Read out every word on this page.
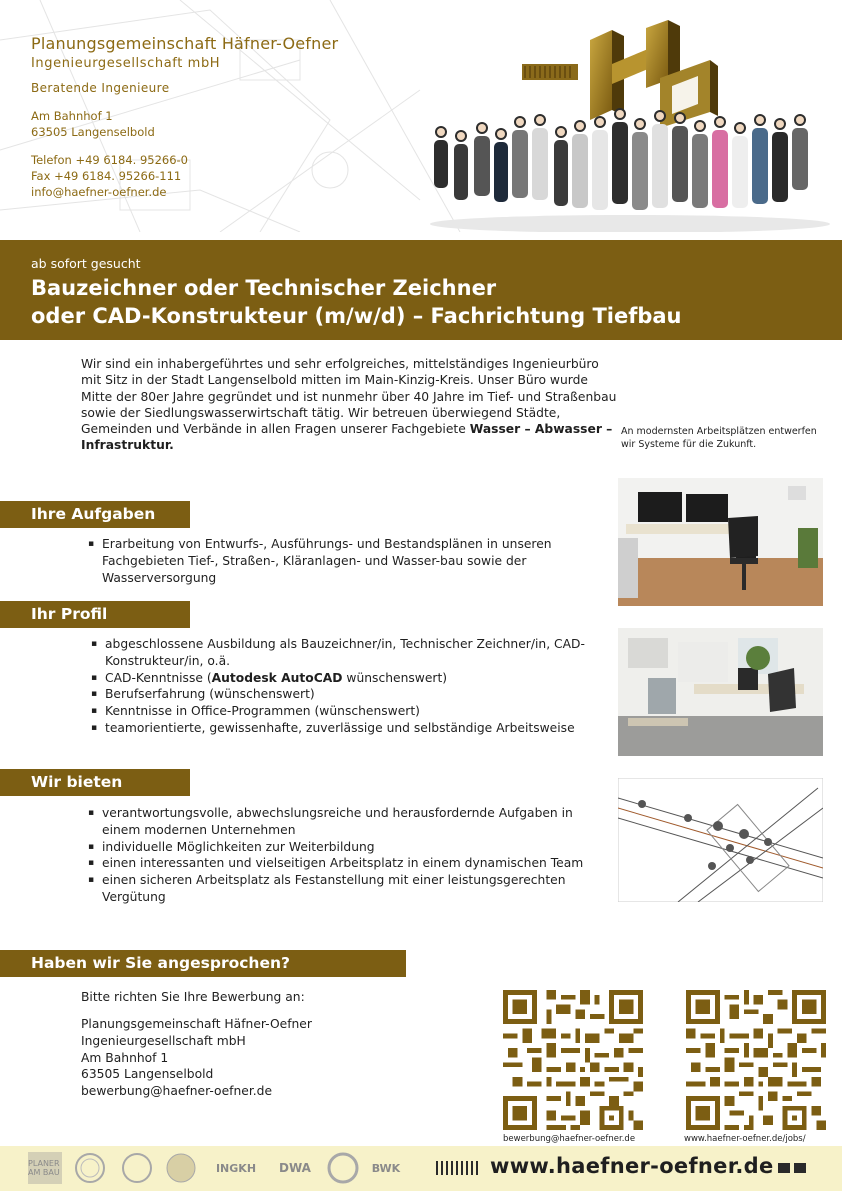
Planungsgemeinschaft Häfner-Oefner
Ingenieurgesellschaft mbH
Beratende Ingenieure
Am Bahnhof 1
63505 Langenselbold
Telefon +49 6184. 95266-0
Fax +49 6184. 95266-111
info@haefner-oefner.de
ab sofort gesucht
Bauzeichner oder Technischer Zeichner
oder CAD-Konstrukteur (m/w/d) – Fachrichtung Tiefbau
Wir sind ein inhabergeführtes und sehr erfolgreiches, mittelständiges Ingenieurbüro mit Sitz in der Stadt Langenselbold mitten im Main-Kinzig-Kreis. Unser Büro wurde Mitte der 80er Jahre gegründet und ist nunmehr über 40 Jahre im Tief- und Straßenbau sowie der Siedlungswasserwirtschaft tätig. Wir betreuen überwiegend Städte, Gemeinden und Verbände in allen Fragen unserer Fachgebiete Wasser – Abwasser – Infrastruktur.
An modernsten Arbeitsplätzen entwerfen wir Systeme für die Zukunft.
Ihre Aufgaben
▪ Erarbeitung von Entwurfs-, Ausführungs- und Bestandsplänen in unseren Fachgebieten Tief-, Straßen-, Kläranlagen- und Wasser-bau sowie der Wasserversorgung
Ihr Profil
▪ abgeschlossene Ausbildung als Bauzeichner/in, Technischer Zeichner/in, CAD-Konstrukteur/in, o.ä.
▪ CAD-Kenntnisse (Autodesk AutoCAD wünschenswert)
▪ Berufserfahrung (wünschenswert)
▪ Kenntnisse in Office-Programmen (wünschenswert)
▪ teamorientierte, gewissenhafte, zuverlässige und selbständige Arbeitsweise
Wir bieten
▪ verantwortungsvolle, abwechslungsreiche und herausfordernde Aufgaben in einem modernen Unternehmen
▪ individuelle Möglichkeiten zur Weiterbildung
▪ einen interessanten und vielseitigen Arbeitsplatz in einem dynamischen Team
▪ einen sicheren Arbeitsplatz als Festanstellung mit einer leistungsgerechten Vergütung
Haben wir Sie angesprochen?
Bitte richten Sie Ihre Bewerbung an:
Planungsgemeinschaft Häfner-Oefner
Ingenieurgesellschaft mbH
Am Bahnhof 1
63505 Langenselbold
bewerbung@haefner-oefner.de
bewerbung@haefner-oefner.de	www.haefner-oefner.de/jobs/
PLANER AM BAU	INGKH	DWA	BWK	www.haefner-oefner.de
